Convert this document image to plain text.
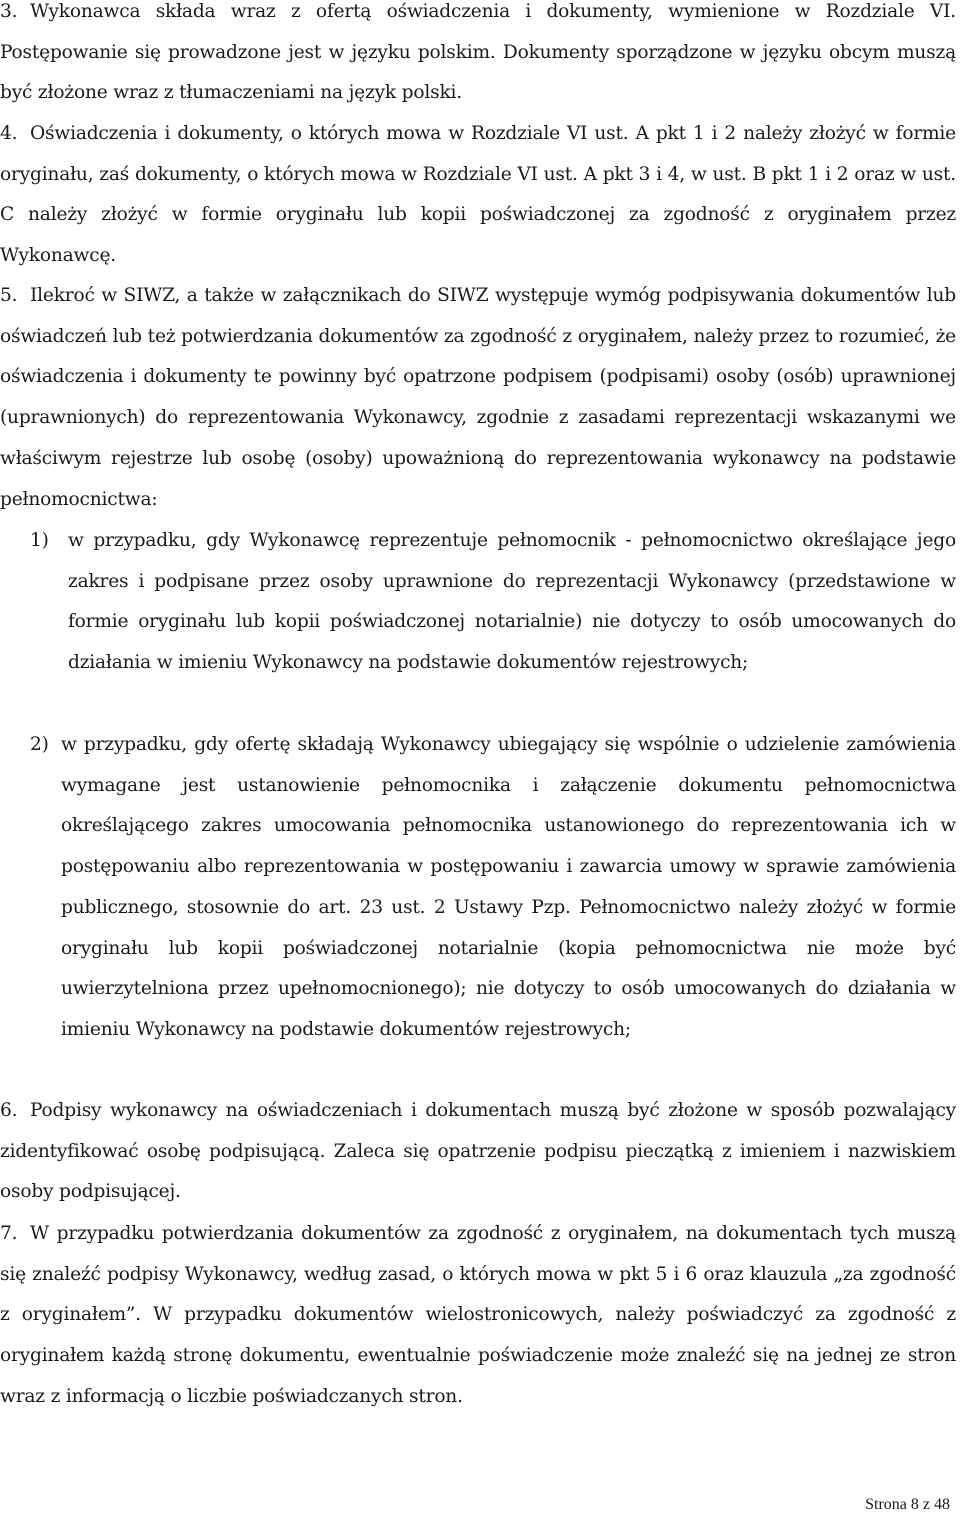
3. Wykonawca składa wraz z ofertą oświadczenia i dokumenty, wymienione w Rozdziale VI. Postępowanie się prowadzone jest w języku polskim. Dokumenty sporządzone w języku obcym muszą być złożone wraz z tłumaczeniami na język polski.
4. Oświadczenia i dokumenty, o których mowa w Rozdziale VI ust. A pkt 1 i 2 należy złożyć w formie oryginału, zaś dokumenty, o których mowa w Rozdziale VI ust. A pkt 3 i 4, w ust. B pkt 1 i 2 oraz w ust. C należy złożyć w formie oryginału lub kopii poświadczonej za zgodność z oryginałem przez Wykonawcę.
5. Ilekroć w SIWZ, a także w załącznikach do SIWZ występuje wymóg podpisywania dokumentów lub oświadczeń lub też potwierdzania dokumentów za zgodność z oryginałem, należy przez to rozumieć, że oświadczenia i dokumenty te powinny być opatrzone podpisem (podpisami) osoby (osób) uprawnionej (uprawnionych) do reprezentowania Wykonawcy, zgodnie z zasadami reprezentacji wskazanymi we właściwym rejestrze lub osobę (osoby) upoważnioną do reprezentowania wykonawcy na podstawie pełnomocnictwa:
1) w przypadku, gdy Wykonawcę reprezentuje pełnomocnik - pełnomocnictwo określające jego zakres i podpisane przez osoby uprawnione do reprezentacji Wykonawcy (przedstawione w formie oryginału lub kopii poświadczonej notarialnie) nie dotyczy to osób umocowanych do działania w imieniu Wykonawcy na podstawie dokumentów rejestrowych;
2) w przypadku, gdy ofertę składają Wykonawcy ubiegający się wspólnie o udzielenie zamówienia wymagane jest ustanowienie pełnomocnika i załączenie dokumentu pełnomocnictwa określającego zakres umocowania pełnomocnika ustanowionego do reprezentowania ich w postępowaniu albo reprezentowania w postępowaniu i zawarcia umowy w sprawie zamówienia publicznego, stosownie do art. 23 ust. 2 Ustawy Pzp. Pełnomocnictwo należy złożyć w formie oryginału lub kopii poświadczonej notarialnie (kopia pełnomocnictwa nie może być uwierzytelniona przez upełnomocnionego); nie dotyczy to osób umocowanych do działania w imieniu Wykonawcy na podstawie dokumentów rejestrowych;
6. Podpisy wykonawcy na oświadczeniach i dokumentach muszą być złożone w sposób pozwalający zidentyfikować osobę podpisującą. Zaleca się opatrzenie podpisu pieczątką z imieniem i nazwiskiem osoby podpisującej.
7. W przypadku potwierdzania dokumentów za zgodność z oryginałem, na dokumentach tych muszą się znaleźć podpisy Wykonawcy, według zasad, o których mowa w pkt 5 i 6 oraz klauzula „za zgodność z oryginałem”. W przypadku dokumentów wielostronicowych, należy poświadczyć za zgodność z oryginałem każdą stronę dokumentu, ewentualnie poświadczenie może znaleźć się na jednej ze stron wraz z informacją o liczbie poświadczanych stron.
Strona 8 z 48
